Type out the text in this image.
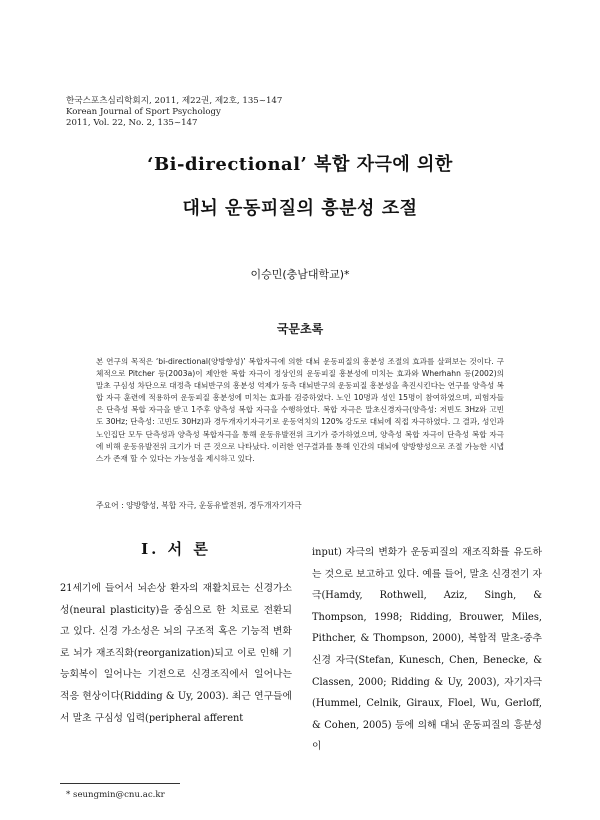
한국스포츠심리학회지, 2011, 제22권, 제2호, 135~147
Korean Journal of Sport Psychology
2011, Vol. 22, No. 2, 135~147
‘Bi-directional’ 복합 자극에 의한
대뇌 운동피질의 흥분성 조절
이승민(충남대학교)*
국문초록
본 연구의 목적은 ‘bi-directional(양방향성)’ 복합자극에 의한 대뇌 운동피질의 흥분성 조절의 효과를 살펴보는 것이다. 구체적으로 Pitcher 등(2003a)이 제안한 복합 자극이 정상인의 운동피질 흥분성에 미치는 효과와 Wherhahn 등(2002)의 말초 구심성 차단으로 대정측 대뇌반구의 흥분성 억제가 동측 대뇌반구의 운동피질 흥분성을 촉진시킨다는 연구를 양측성 복합 자극 훈련에 적용하여 운동피질 흥분성에 미치는 효과를 검증하였다. 노인 10명과 성인 15명이 참여하였으며, 피험자들은 단측성 복합 자극을 받고 1주후 양측성 복합 자극을 수행하였다. 복합 자극은 말초신경자극(양측성: 저빈도 3Hz와 고빈도 30Hz; 단측성: 고빈도 30Hz)과 경두개자기자극기로 운동역치의 120% 강도로 대뇌에 직접 자극하였다. 그 결과, 성인과 노인집단 모두 단측성과 양측성 복합자극을 통해 운동유발전위 크기가 증가하였으며, 양측성 복합 자극이 단측성 복합 자극에 비해 운동유발전위 크기가 더 큰 것으로 나타났다. 이러한 연구결과를 통해 인간의 대뇌에 양방향성으로 조절 가능한 시냅스가 존재 할 수 있다는 가능성을 제시하고 있다.
주요어 : 양방향성, 복합 자극, 운동유발전위, 경두개자기자극
I. 서 론
21세기에 들어서 뇌손상 환자의 재활치료는 신경가소성(neural plasticity)을 중심으로 한 치료로 전환되고 있다. 신경 가소성은 뇌의 구조적 혹은 기능적 변화로 뇌가 재조직화(reorganization)되고 이로 인해 기능회복이 일어나는 기전으로 신경조직에서 일어나는 적응 현상이다(Ridding & Uy, 2003). 최근 연구들에서 말초 구심성 입력(peripheral afferent
input) 자극의 변화가 운동피질의 재조직화를 유도하는 것으로 보고하고 있다. 예를 들어, 말초 신경전기 자극(Hamdy, Rothwell, Aziz, Singh, & Thompson, 1998; Ridding, Brouwer, Miles, Pithcher, & Thompson, 2000), 복합적 말초-중추 신경 자극(Stefan, Kunesch, Chen, Benecke, & Classen, 2000; Ridding & Uy, 2003), 자기자극(Hummel, Celnik, Giraux, Floel, Wu, Gerloff, & Cohen, 2005) 등에 의해 대뇌 운동피질의 흥분성이
* seungmin@cnu.ac.kr
